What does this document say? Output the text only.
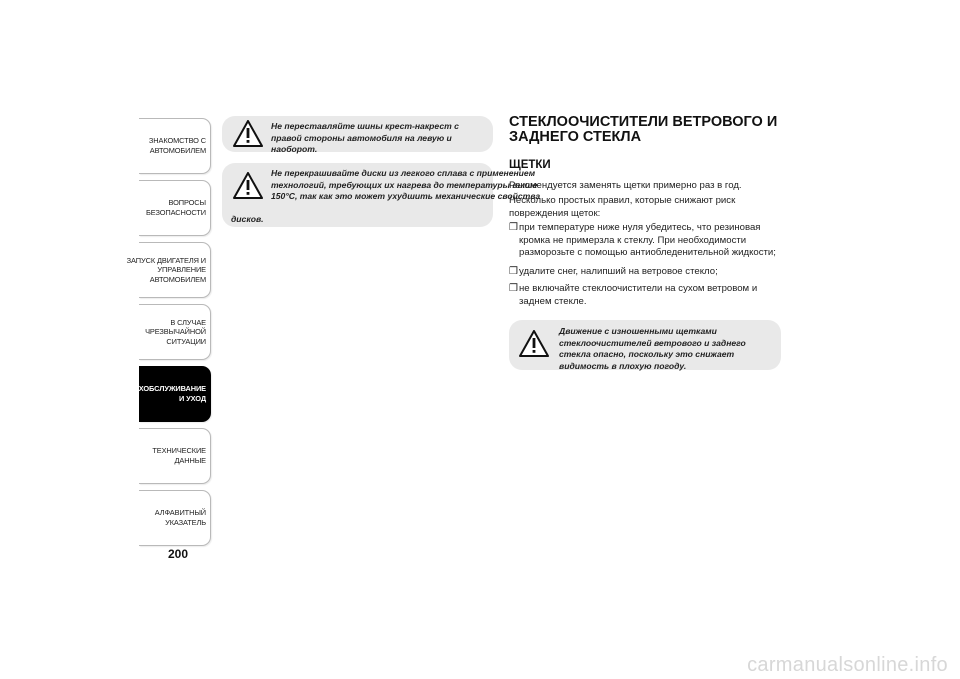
ЗНАКОМСТВО С
АВТОМОБИЛЕМ
ВОПРОСЫ
БЕЗОПАСНОСТИ
ЗАПУСК ДВИГАТЕЛЯ И
УПРАВЛЕНИЕ
АВТОМОБИЛЕМ
В СЛУЧАЕ
ЧРЕЗВЫЧАЙНОЙ
СИТУАЦИИ
ТЕХОБСЛУЖИВАНИЕ
И УХОД
ТЕХНИЧЕСКИЕ
ДАННЫЕ
АЛФАВИТНЫЙ
УКАЗАТЕЛЬ
200
Не переставляйте шины крест-накрест с правой стороны автомобиля на левую и наоборот.
Не перекрашивайте диски из легкого сплава с применением
технологий, требующих их нагрева до температуры выше
150°C, так как это может ухудшить механические свойства
дисков.
СТЕКЛООЧИСТИТЕЛИ ВЕТРОВОГО И ЗАДНЕГО СТЕКЛА
ЩЕТКИ
Рекомендуется заменять щетки примерно раз в год.
Несколько простых правил, которые снижают риск повреждения щеток:
❒ при температуре ниже нуля убедитесь, что резиновая кромка не примерзла к стеклу. При необходимости разморозьте с помощью антиобледенительной жидкости;
❒ удалите снег, налипший на ветровое стекло;
❒ не включайте стеклоочистители на сухом ветровом и заднем стекле.
Движение с изношенными щетками стеклоочистителей ветрового и заднего стекла опасно, поскольку это снижает видимость в плохую погоду.
carmanualsonline.info
